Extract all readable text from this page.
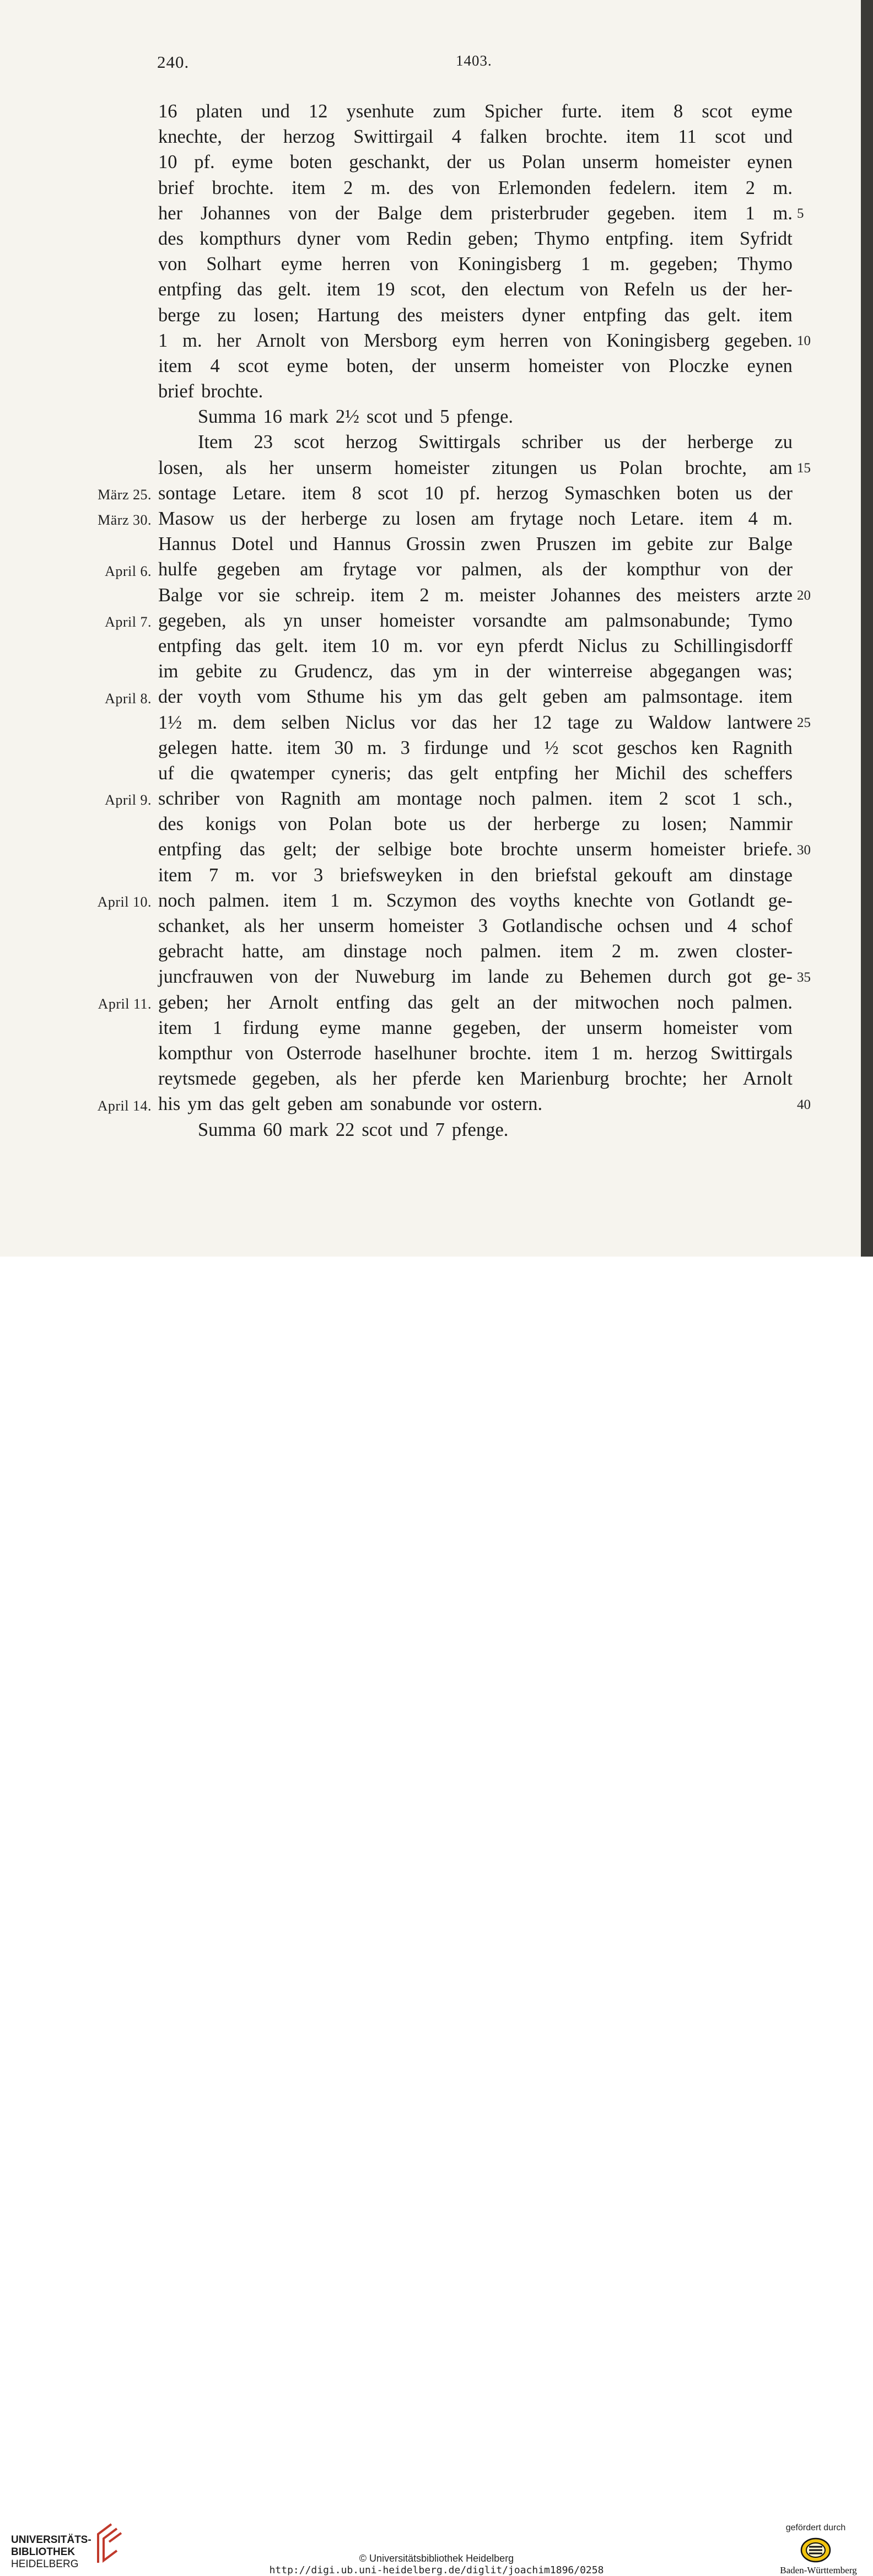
240.	1403.
16 platen und 12 ysenhute zum Spicher furte. item 8 scot eyme
knechte, der herzog Swittirgail 4 falken brochte. item 11 scot und
10 pf. eyme boten geschankt, der us Polan unserm homeister eynen
brief brochte. item 2 m. des von Erlemonden fedelern. item 2 m.
her Johannes von der Balge dem pristerbruder gegeben. item 1 m.
des kompthurs dyner vom Redin geben; Thymo entpfing. item Syfridt
von Solhart eyme herren von Koningisberg 1 m. gegeben; Thymo
entpfing das gelt. item 19 scot, den electum von Refeln us der her-
berge zu losen; Hartung des meisters dyner entpfing das gelt. item
1 m. her Arnolt von Mersborg eym herren von Koningisberg gegeben.
item 4 scot eyme boten, der unserm homeister von Ploczke eynen
brief brochte.
Summa 16 mark 2½ scot und 5 pfenge.
Item 23 scot herzog Swittirgals schriber us der herberge zu
losen, als her unserm homeister zitungen us Polan brochte, am
sontage Letare. item 8 scot 10 pf. herzog Symaschken boten us der
Masow us der herberge zu losen am frytage noch Letare. item 4 m.
Hannus Dotel und Hannus Grossin zwen Pruszen im gebite zur Balge
hulfe gegeben am frytage vor palmen, als der kompthur von der
Balge vor sie schreip. item 2 m. meister Johannes des meisters arzte
gegeben, als yn unser homeister vorsandte am palmsonabunde; Tymo
entpfing das gelt. item 10 m. vor eyn pferdt Niclus zu Schillingisdorff
im gebite zu Grudencz, das ym in der winterreise abgegangen was;
der voyth vom Sthume his ym das gelt geben am palmsontage. item
1½ m. dem selben Niclus vor das her 12 tage zu Waldow lantwere
gelegen hatte. item 30 m. 3 firdunge und ½ scot geschos ken Ragnith
uf die qwatemper cyneris; das gelt entpfing her Michil des scheffers
schriber von Ragnith am montage noch palmen. item 2 scot 1 sch.,
des konigs von Polan bote us der herberge zu losen; Nammir
entpfing das gelt; der selbige bote brochte unserm homeister briefe.
item 7 m. vor 3 briefsweyken in den briefstal gekouft am dinstage
noch palmen. item 1 m. Sczymon des voyths knechte von Gotlandt ge-
schanket, als her unserm homeister 3 Gotlandische ochsen und 4 schof
gebracht hatte, am dinstage noch palmen. item 2 m. zwen closter-
juncfrauwen von der Nuweburg im lande zu Behemen durch got ge-
geben; her Arnolt entfing das gelt an der mitwochen noch palmen.
item 1 firdung eyme manne gegeben, der unserm homeister vom
kompthur von Osterrode haselhuner brochte. item 1 m. herzog Swittirgals
reytsmede gegeben, als her pferde ken Marienburg brochte; her Arnolt
his ym das gelt geben am sonabunde vor ostern.
Summa 60 mark 22 scot und 7 pfenge.
März 25.
März 30.
April 6.
April 7.
April 8.
April 9.
April 10.
April 11.
April 14.
5
10
15
20
25
30
35
40
UNIVERSITÄTS-
BIBLIOTHEK
HEIDELBERG	© Universitätsbibliothek Heidelberg
http://digi.ub.uni-heidelberg.de/diglit/joachim1896/0258
gefördert durch
Baden-Württemberg
